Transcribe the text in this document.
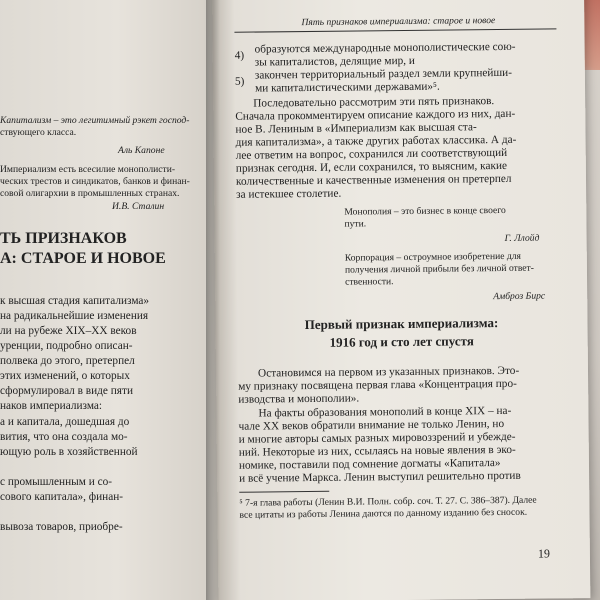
Капитализм – это легитимный рэкет господ-
ствующего класса.
Аль Капоне
Империализм есть всесилие монополисти-
ческих трестов и синдикатов, банков и финан-
совой олигархии в промышленных странах.
И.В. Сталин
ТЬ ПРИЗНАКОВ
А: СТАРОЕ И НОВОЕ
к высшая стадия капитализма»
на радикальнейшие изменения
ли на рубеже XIX–XX веков
уренции, подробно описан-
полвека до этого, претерпел
этих изменений, о которых
сформулировал в виде пяти
наков империализма:
а и капитала, дошедшая до
вития, что она создала мо-
ющую роль в хозяйственной
с промышленным и со-
сового капитала», финан-
вывоза товаров, приобре-
Пять признаков империализма: старое и новое
4)
образуются международные монополистические сою-
зы капиталистов, делящие мир, и
5)
закончен территориальный раздел земли крупнейши-
ми капиталистическими державами»⁵.
Последовательно рассмотрим эти пять признаков.
Сначала прокомментируем описание каждого из них, дан-
ное В. Лениным в «Империализм как высшая ста-
дия капитализма», а также других работах классика. А да-
лее ответим на вопрос, сохранился ли соответствующий
признак сегодня. И, если сохранился, то выясним, какие
количественные и качественные изменения он претерпел
за истекшее столетие.
Монополия – это бизнес в конце своего
пути.
Г. Ллойд
Корпорация – остроумное изобретение для
получения личной прибыли без личной ответ-
ственности.
Амброз Бирс
Первый признак империализма:
1916 год и сто лет спустя
Остановимся на первом из указанных признаков. Это-
му признаку посвящена первая глава «Концентрация про-
изводства и монополии».
На факты образования монополий в конце XIX – на-
чале XX веков обратили внимание не только Ленин, но
и многие авторы самых разных мировоззрений и убежде-
ний. Некоторые из них, ссылаясь на новые явления в эко-
номике, поставили под сомнение догматы «Капитала»
и всё учение Маркса. Ленин выступил решительно против
⁵ 7-я глава работы (Ленин В.И. Полн. собр. соч. Т. 27. С. 386–387). Далее
все цитаты из работы Ленина даются по данному изданию без сносок.
19
